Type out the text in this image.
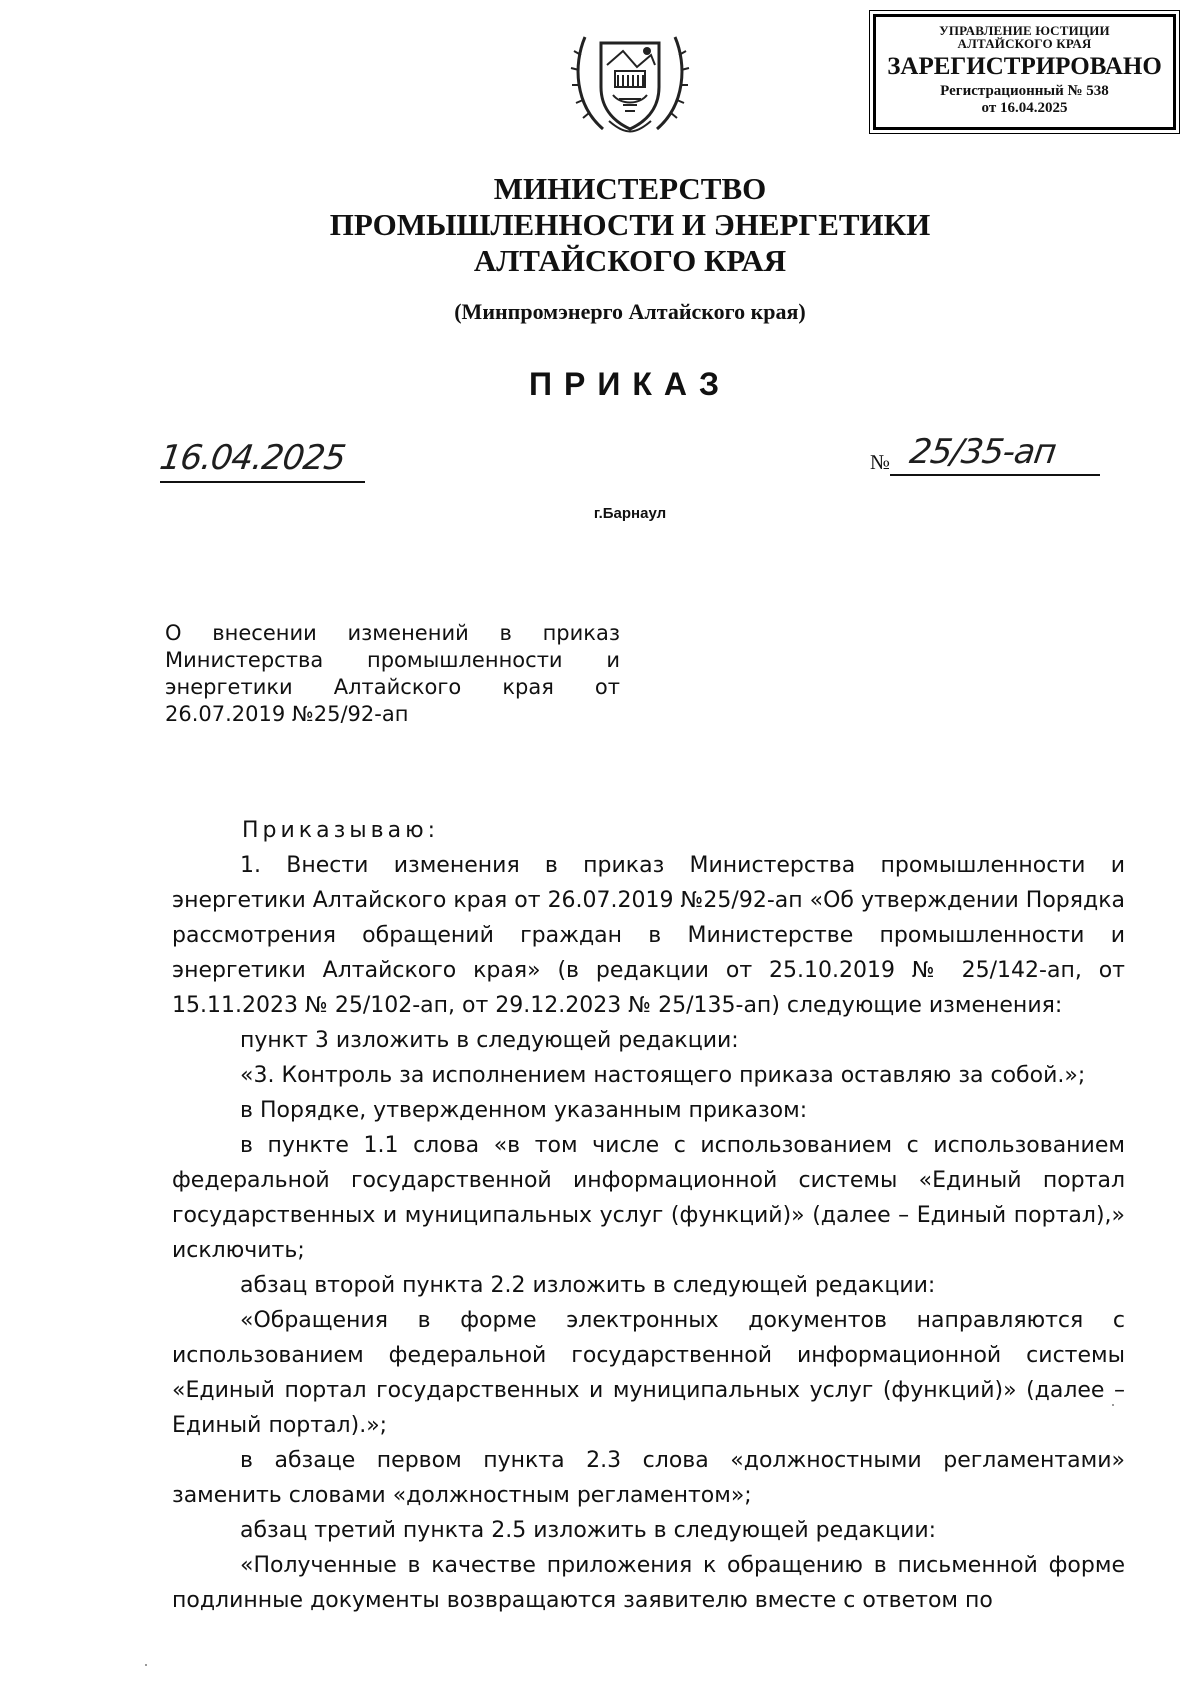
УПРАВЛЕНИЕ ЮСТИЦИИ
АЛТАЙСКОГО КРАЯ
ЗАРЕГИСТРИРОВАНО
Регистрационный № 538
от 16.04.2025
МИНИСТЕРСТВО
ПРОМЫШЛЕННОСТИ И ЭНЕРГЕТИКИ
АЛТАЙСКОГО КРАЯ
(Минпромэнерго Алтайского края)
ПРИКАЗ
16.04.2025	№ 25/35-ап
г.Барнаул
О внесении изменений в приказ Министерства промышленности и энергетики Алтайского края от 26.07.2019 №25/92-ап
Приказываю:
1. Внести изменения в приказ Министерства промышленности и энергетики Алтайского края от 26.07.2019 №25/92-ап «Об утверждении Порядка рассмотрения обращений граждан в Министерстве промышленности и энергетики Алтайского края» (в редакции от 25.10.2019 № 25/142-ап, от 15.11.2023 № 25/102-ап, от 29.12.2023 № 25/135-ап) следующие изменения:
пункт 3 изложить в следующей редакции:
«3. Контроль за исполнением настоящего приказа оставляю за собой.»;
в Порядке, утвержденном указанным приказом:
в пункте 1.1 слова «в том числе с использованием с использованием федеральной государственной информационной системы «Единый портал государственных и муниципальных услуг (функций)» (далее – Единый портал),» исключить;
абзац второй пункта 2.2 изложить в следующей редакции:
«Обращения в форме электронных документов направляются с использованием федеральной государственной информационной системы «Единый портал государственных и муниципальных услуг (функций)» (далее – Единый портал).»;
в абзаце первом пункта 2.3 слова «должностными регламентами» заменить словами «должностным регламентом»;
абзац третий пункта 2.5 изложить в следующей редакции:
«Полученные в качестве приложения к обращению в письменной форме подлинные документы возвращаются заявителю вместе с ответом по
